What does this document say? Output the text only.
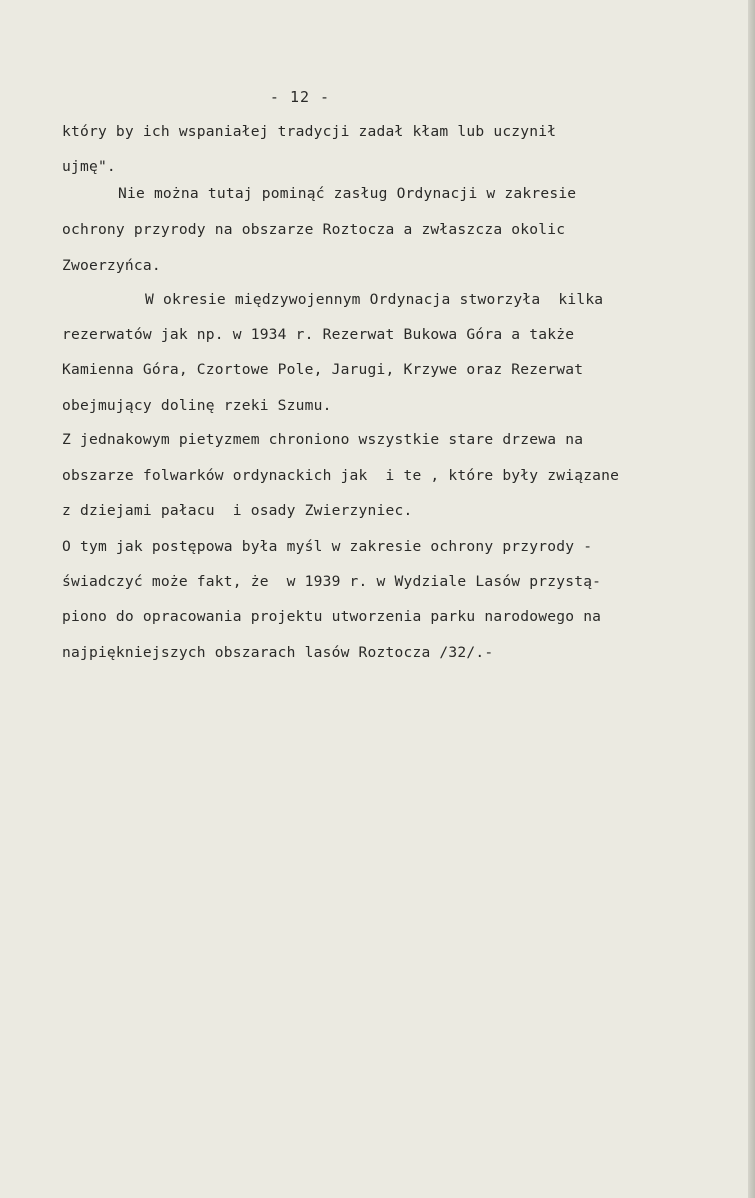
- 12 -
który by ich wspaniałej tradycji zadał kłam lub uczynił
ujmę".
Nie można tutaj pominąć zasług Ordynacji w zakresie
ochrony przyrody na obszarze Roztocza a zwłaszcza okolic
Zwoerzyńca.
W okresie międzywojennym Ordynacja stworzyła  kilka
rezerwatów jak np. w 1934 r. Rezerwat Bukowa Góra a także
Kamienna Góra, Czortowe Pole, Jarugi, Krzywe oraz Rezerwat
obejmujący dolinę rzeki Szumu.
Z jednakowym pietyzmem chroniono wszystkie stare drzewa na
obszarze folwarków ordynackich jak  i te , które były związane
z dziejami pałacu  i osady Zwierzyniec.
O tym jak postępowa była myśl w zakresie ochrony przyrody -
świadczyć może fakt, że  w 1939 r. w Wydziale Lasów przystą-
piono do opracowania projektu utworzenia parku narodowego na
najpiękniejszych obszarach lasów Roztocza /32/.-
